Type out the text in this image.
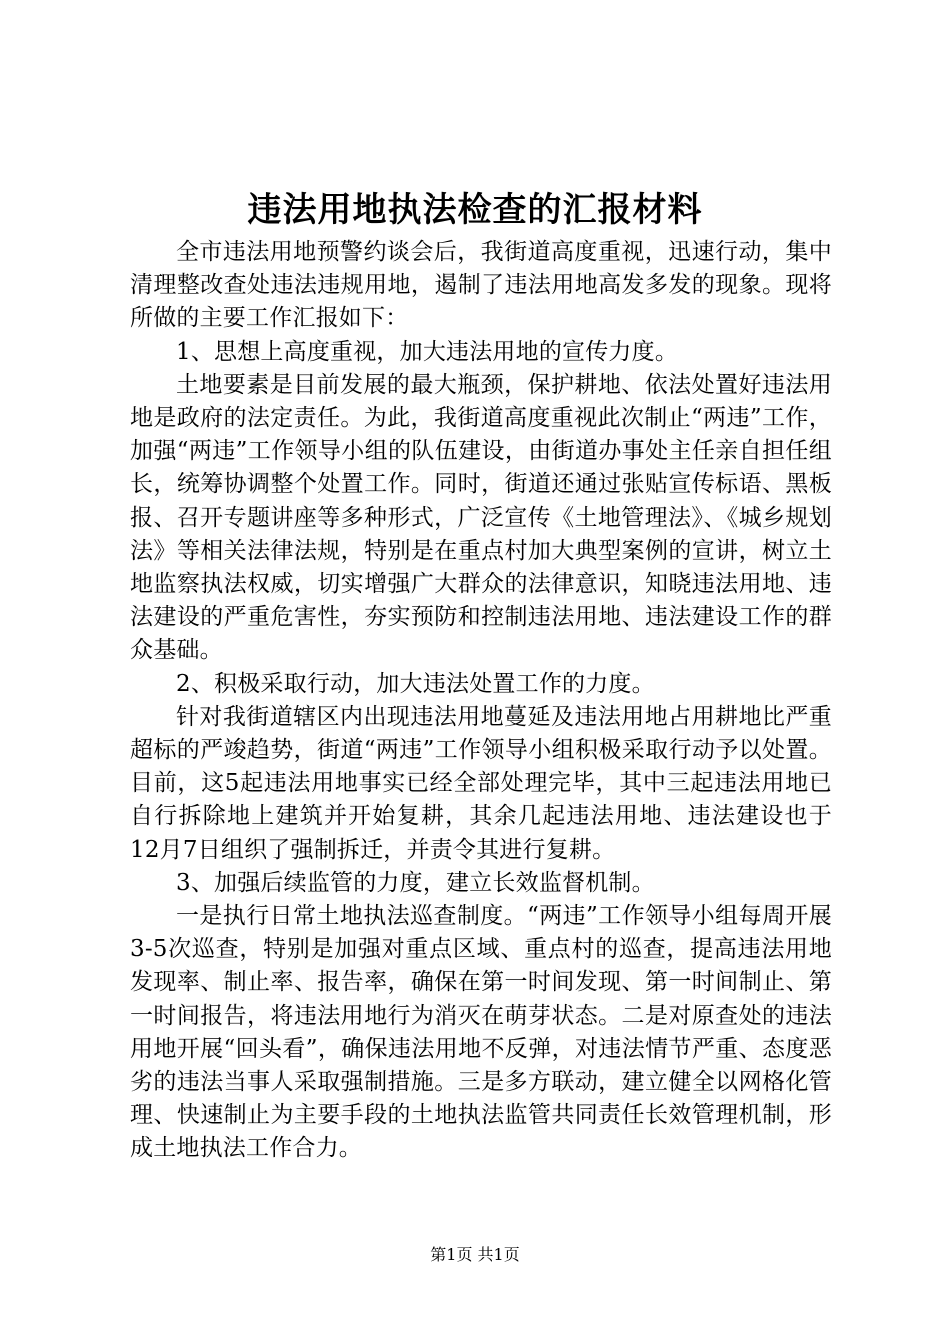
违法用地执法检查的汇报材料

全市违法用地预警约谈会后，我街道高度重视，迅速行动，集中清理整改查处违法违规用地，遏制了违法用地高发多发的现象。现将所做的主要工作汇报如下：

1、思想上高度重视，加大违法用地的宣传力度。

土地要素是目前发展的最大瓶颈，保护耕地、依法处置好违法用地是政府的法定责任。为此，我街道高度重视此次制止“两违”工作，加强“两违”工作领导小组的队伍建设，由街道办事处主任亲自担任组长，统筹协调整个处置工作。同时，街道还通过张贴宣传标语、黑板报、召开专题讲座等多种形式，广泛宣传《土地管理法》、《城乡规划法》等相关法律法规，特别是在重点村加大典型案例的宣讲，树立土地监察执法权威，切实增强广大群众的法律意识，知晓违法用地、违法建设的严重危害性，夯实预防和控制违法用地、违法建设工作的群众基础。

2、积极采取行动，加大违法处置工作的力度。

针对我街道辖区内出现违法用地蔓延及违法用地占用耕地比严重超标的严竣趋势，街道“两违”工作领导小组积极采取行动予以处置。目前，这5起违法用地事实已经全部处理完毕，其中三起违法用地已自行拆除地上建筑并开始复耕，其余几起违法用地、违法建设也于12月7日组织了强制拆迁，并责令其进行复耕。

3、加强后续监管的力度，建立长效监督机制。

一是执行日常土地执法巡查制度。“两违”工作领导小组每周开展3-5次巡查，特别是加强对重点区域、重点村的巡查，提高违法用地发现率、制止率、报告率，确保在第一时间发现、第一时间制止、第一时间报告，将违法用地行为消灭在萌芽状态。二是对原查处的违法用地开展“回头看”，确保违法用地不反弹，对违法情节严重、态度恶劣的违法当事人采取强制措施。三是多方联动，建立健全以网格化管理、快速制止为主要手段的土地执法监管共同责任长效管理机制，形成土地执法工作合力。

第1页 共1页
